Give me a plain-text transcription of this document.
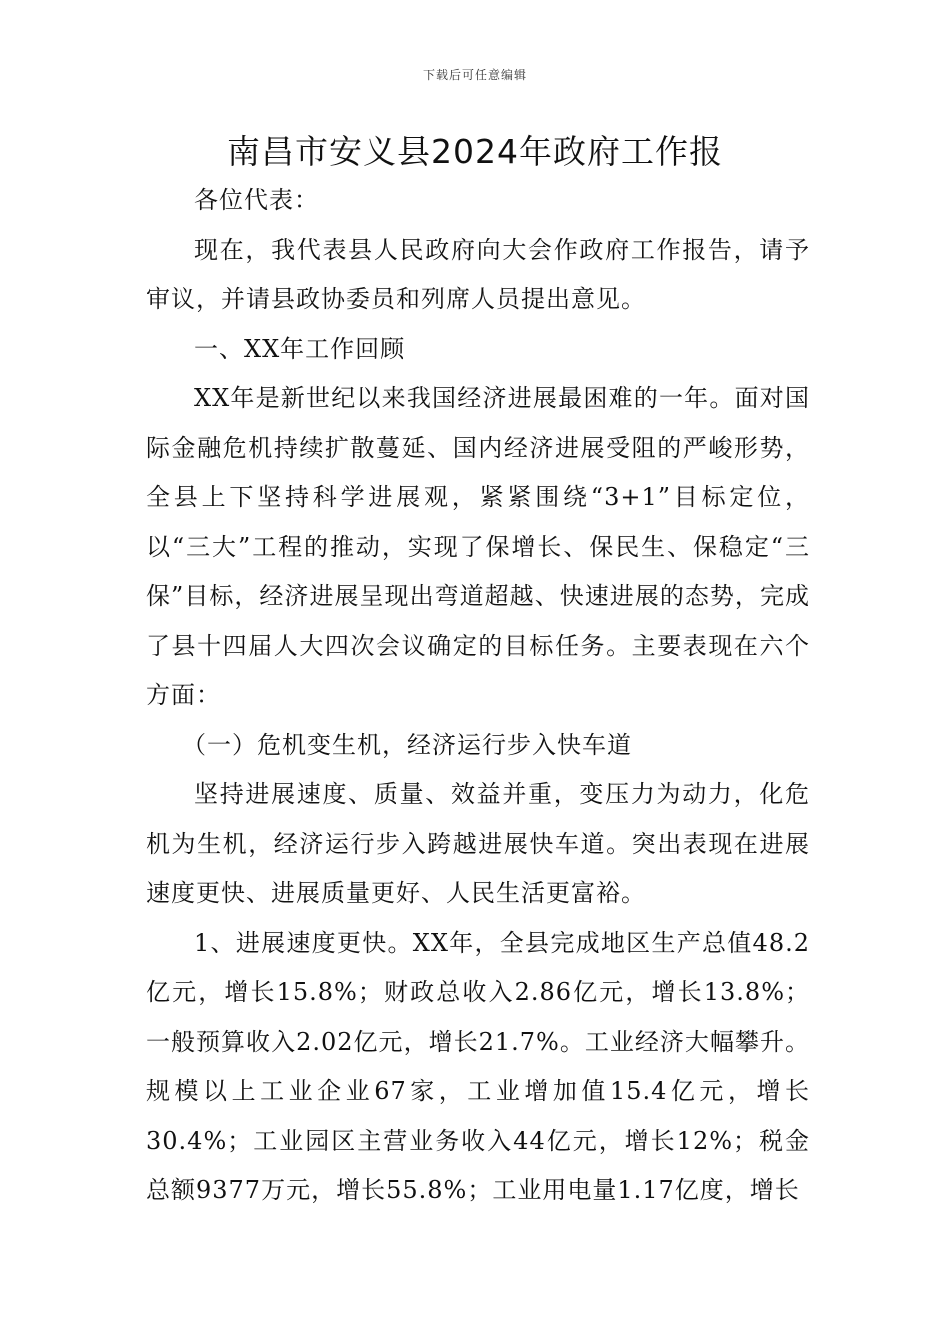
下载后可任意编辑
南昌市安义县2024年政府工作报

各位代表：

现在，我代表县人民政府向大会作政府工作报告，请予审议，并请县政协委员和列席人员提出意见。

一、XX年工作回顾

XX年是新世纪以来我国经济进展最困难的一年。面对国际金融危机持续扩散蔓延、国内经济进展受阻的严峻形势，全县上下坚持科学进展观，紧紧围绕“3+1”目标定位，以“三大”工程的推动，实现了保增长、保民生、保稳定“三保”目标，经济进展呈现出弯道超越、快速进展的态势，完成了县十四届人大四次会议确定的目标任务。主要表现在六个方面：

（一）危机变生机，经济运行步入快车道

坚持进展速度、质量、效益并重，变压力为动力，化危机为生机，经济运行步入跨越进展快车道。突出表现在进展速度更快、进展质量更好、人民生活更富裕。

1、进展速度更快。XX年，全县完成地区生产总值48.2亿元，增长15.8%；财政总收入2.86亿元，增长13.8%；一般预算收入2.02亿元，增长21.7%。工业经济大幅攀升。规模以上工业企业67家，工业增加值15.4亿元，增长30.4%；工业园区主营业务收入44亿元，增长12%；税金总额9377万元，增长55.8%；工业用电量1.17亿度，增长
